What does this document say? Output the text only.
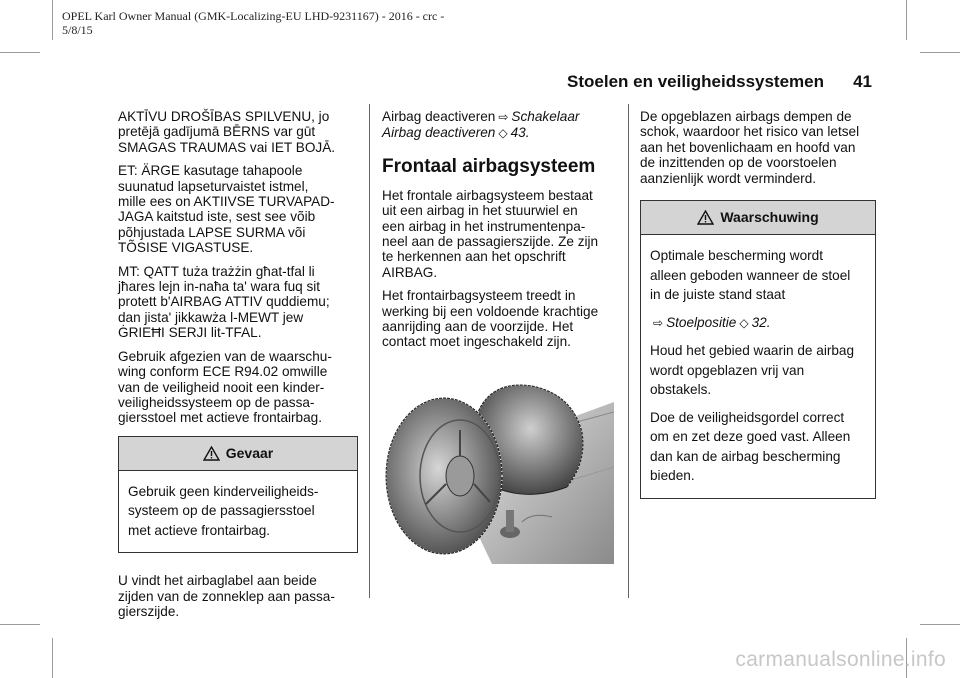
OPEL Karl Owner Manual (GMK-Localizing-EU LHD-9231167) - 2016 - crc -
5/8/15
Stoelen en veiligheidssystemen 41

AKTĪVU DROŠĪBAS SPILVENU, jo
pretējā gadījumā BĒRNS var gūt
SMAGAS TRAUMAS vai IET BOJĀ.

ET: ÄRGE kasutage tahapoole
suunatud lapseturvaistet istmel,
mille ees on AKTIIVSE TURVAPAD-
JAGA kaitstud iste, sest see võib
põhjustada LAPSE SURMA või
TÕSISE VIGASTUSE.

MT: QATT tuża trażżin għat-tfal li
jħares lejn in-naħa ta' wara fuq sit
protett b'AIRBAG ATTIV quddiemu;
dan jista' jikkawża l-MEWT jew
ĠRIEĦI SERJI lit-TFAL.

Gebruik afgezien van de waarschu-
wing conform ECE R94.02 omwille
van de veiligheid nooit een kinder-
veiligheidssysteem op de passa-
giersstoel met actieve frontairbag.

Gevaar

Gebruik geen kinderveiligheids-
systeem op de passagiersstoel
met actieve frontairbag.

U vindt het airbaglabel aan beide
zijden van de zonneklep aan passa-
gierszijde.

Airbag deactiveren ⇨ Schakelaar
Airbag deactiveren ◇ 43.

Frontaal airbagsysteem

Het frontale airbagsysteem bestaat
uit een airbag in het stuurwiel en
een airbag in het instrumentenpa-
neel aan de passagierszijde. Ze zijn
te herkennen aan het opschrift
AIRBAG.

Het frontairbagsysteem treedt in
werking bij een voldoende krachtige
aanrijding aan de voorzijde. Het
contact moet ingeschakeld zijn.

De opgeblazen airbags dempen de
schok, waardoor het risico van letsel
aan het bovenlichaam en hoofd van
de inzittenden op de voorstoelen
aanzienlijk wordt verminderd.

Waarschuwing

Optimale bescherming wordt
alleen geboden wanneer de stoel
in de juiste stand staat

⇨ Stoelpositie ◇ 32.

Houd het gebied waarin de airbag
wordt opgeblazen vrij van
obstakels.

Doe de veiligheidsgordel correct
om en zet deze goed vast. Alleen
dan kan de airbag bescherming
bieden.

carmanualsonline.info
